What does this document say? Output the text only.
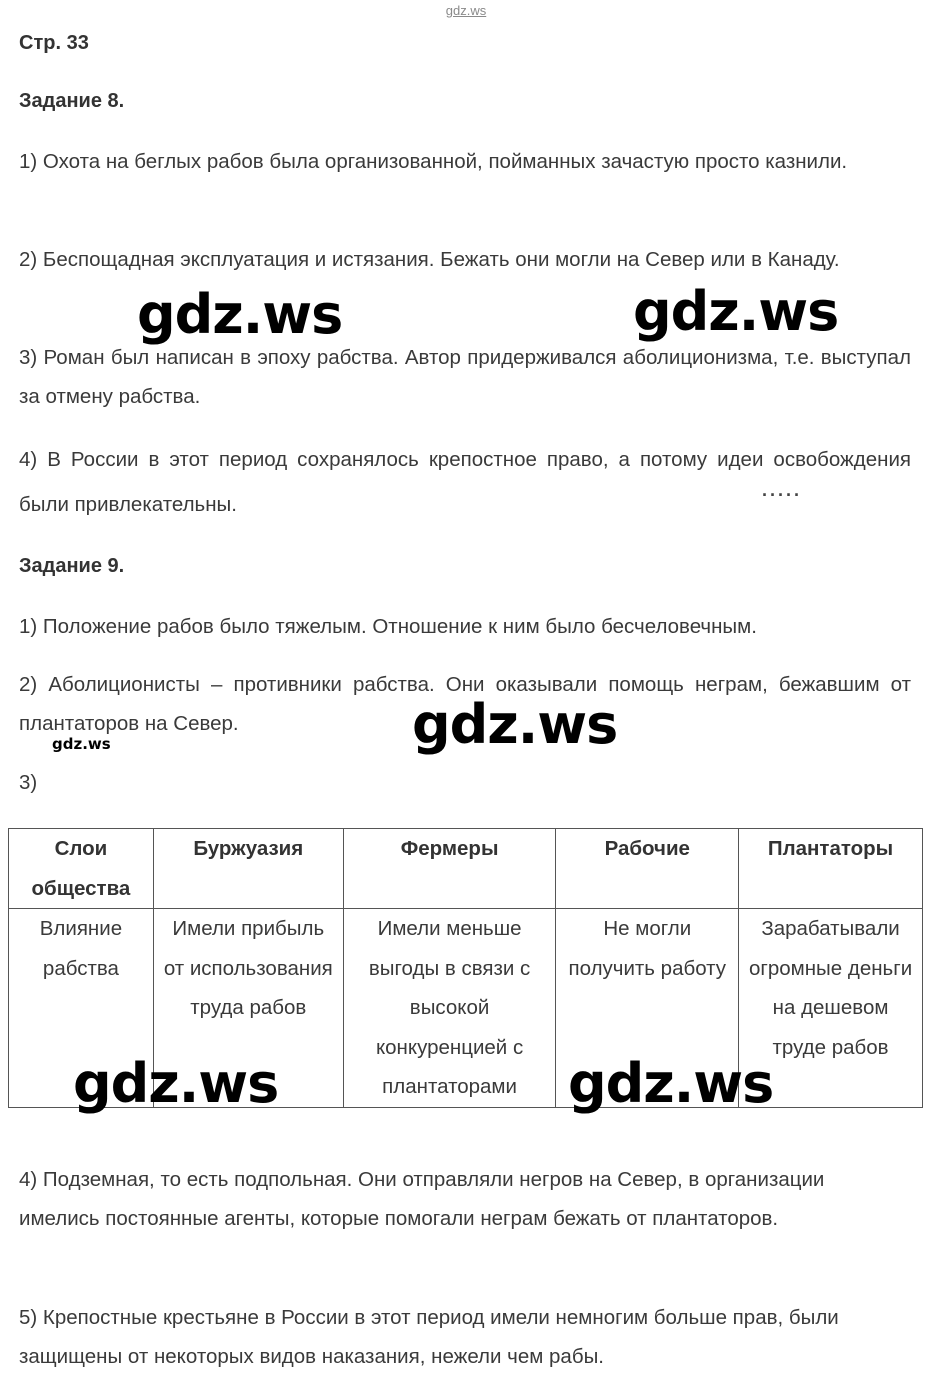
gdz.ws
Стр. 33
Задание 8.

1) Охота на беглых рабов была организованной, пойманных зачастую просто казнили.

2) Беспощадная эксплуатация и истязания. Бежать они могли на Север или в Канаду.

3) Роман был написан в эпоху рабства. Автор придерживался аболиционизма, т.е. выступал за отмену рабства.

4) В России в этот период сохранялось крепостное право, а потому идеи освобождения были привлекательны.	·····
Задание 9.

1) Положение рабов было тяжелым. Отношение к ним было бесчеловечным.

2) Аболиционисты – противники рабства. Они оказывали помощь неграм, бежавшим от плантаторов на Север.

3)

Слои общества	Буржуазия	Фермеры	Рабочие	Плантаторы
Влияние рабства	Имели прибыль от использования труда рабов	Имели меньше выгоды в связи с высокой конкуренцией с плантаторами	Не могли получить работу	Зарабатывали огромные деньги на дешевом труде рабов

4) Подземная, то есть подпольная. Они отправляли негров на Север, в организации имелись постоянные агенты, которые помогали неграм бежать от плантаторов.

5) Крепостные крестьяне в России в этот период имели немногим больше прав, были защищены от некоторых видов наказания, нежели чем рабы.

gdz.ws	gdz.ws
gdz.ws
gdz.ws
gdz.ws	gdz.ws
